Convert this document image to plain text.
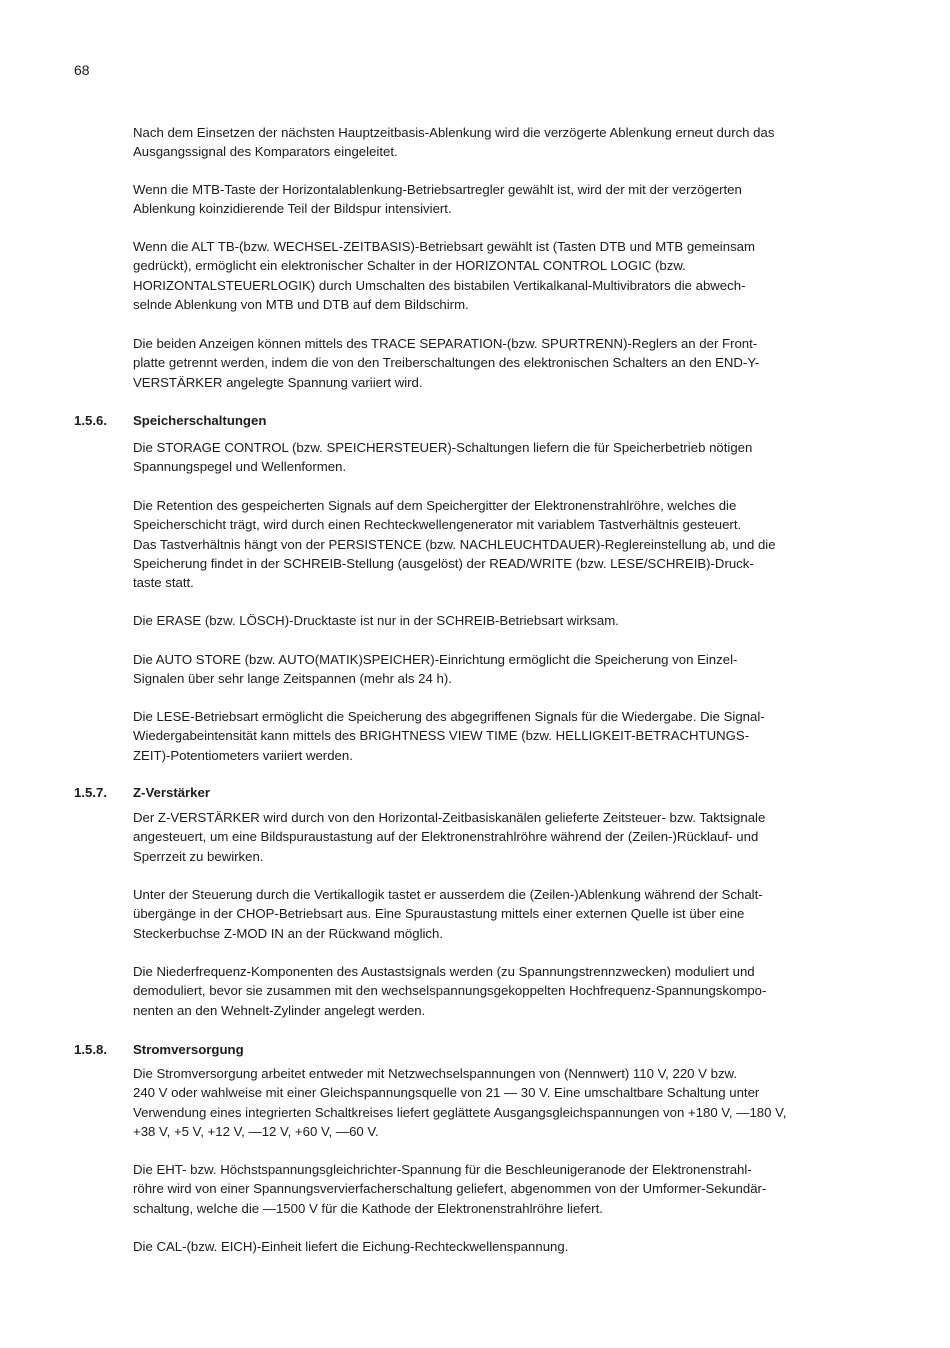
68

Nach dem Einsetzen der nächsten Hauptzeitbasis-Ablenkung wird die verzögerte Ablenkung erneut durch das
Ausgangssignal des Komparators eingeleitet.

Wenn die MTB-Taste der Horizontalablenkung-Betriebsartregler gewählt ist, wird der mit der verzögerten
Ablenkung koinzidierende Teil der Bildspur intensiviert.

Wenn die ALT TB-(bzw. WECHSEL-ZEITBASIS)-Betriebsart gewählt ist (Tasten DTB und MTB gemeinsam
gedrückt), ermöglicht ein elektronischer Schalter in der HORIZONTAL CONTROL LOGIC (bzw.
HORIZONTALSTEUERLOGIK) durch Umschalten des bistabilen Vertikalkanal-Multivibrators die abwech-
selnde Ablenkung von MTB und DTB auf dem Bildschirm.

Die beiden Anzeigen können mittels des TRACE SEPARATION-(bzw. SPURTRENN)-Reglers an der Front-
platte getrennt werden, indem die von den Treiberschaltungen des elektronischen Schalters an den END-Y-
VERSTÄRKER angelegte Spannung variiert wird.

1.5.6. Speicherschaltungen

Die STORAGE CONTROL (bzw. SPEICHERSTEUER)-Schaltungen liefern die für Speicherbetrieb nötigen
Spannungspegel und Wellenformen.

Die Retention des gespeicherten Signals auf dem Speichergitter der Elektronenstrahlröhre, welches die
Speicherschicht trägt, wird durch einen Rechteckwellengenerator mit variablem Tastverhältnis gesteuert.
Das Tastverhältnis hängt von der PERSISTENCE (bzw. NACHLEUCHTDAUER)-Reglereinstellung ab, und die
Speicherung findet in der SCHREIB-Stellung (ausgelöst) der READ/WRITE (bzw. LESE/SCHREIB)-Druck-
taste statt.

Die ERASE (bzw. LÖSCH)-Drucktaste ist nur in der SCHREIB-Betriebsart wirksam.

Die AUTO STORE (bzw. AUTO(MATIK)SPEICHER)-Einrichtung ermöglicht die Speicherung von Einzel-
Signalen über sehr lange Zeitspannen (mehr als 24 h).

Die LESE-Betriebsart ermöglicht die Speicherung des abgegriffenen Signals für die Wiedergabe. Die Signal-
Wiedergabeintensität kann mittels des BRIGHTNESS VIEW TIME (bzw. HELLIGKEIT-BETRACHTUNGS-
ZEIT)-Potentiometers variiert werden.

1.5.7. Z-Verstärker

Der Z-VERSTÄRKER wird durch von den Horizontal-Zeitbasiskanälen gelieferte Zeitsteuer- bzw. Taktsignale
angesteuert, um eine Bildspuraustastung auf der Elektronenstrahlröhre während der (Zeilen-)Rücklauf- und
Sperrzeit zu bewirken.

Unter der Steuerung durch die Vertikallogik tastet er ausserdem die (Zeilen-)Ablenkung während der Schalt-
übergänge in der CHOP-Betriebsart aus. Eine Spuraustastung mittels einer externen Quelle ist über eine
Steckerbuchse Z-MOD IN an der Rückwand möglich.

Die Niederfrequenz-Komponenten des Austastsignals werden (zu Spannungstrennzwecken) moduliert und
demoduliert, bevor sie zusammen mit den wechselspannungsgekoppelten Hochfrequenz-Spannungskompo-
nenten an den Wehnelt-Zylinder angelegt werden.

1.5.8. Stromversorgung

Die Stromversorgung arbeitet entweder mit Netzwechselspannungen von (Nennwert) 110 V, 220 V bzw.
240 V oder wahlweise mit einer Gleichspannungsquelle von 21 — 30 V. Eine umschaltbare Schaltung unter
Verwendung eines integrierten Schaltkreises liefert geglättete Ausgangsgleichspannungen von +180 V, —180 V,
+38 V, +5 V, +12 V, —12 V, +60 V, —60 V.

Die EHT- bzw. Höchstspannungsgleichrichter-Spannung für die Beschleunigeranode der Elektronenstrahl-
röhre wird von einer Spannungsvervierfacherschaltung geliefert, abgenommen von der Umformer-Sekundär-
schaltung, welche die —1500 V für die Kathode der Elektronenstrahlröhre liefert.

Die CAL-(bzw. EICH)-Einheit liefert die Eichung-Rechteckwellenspannung.
